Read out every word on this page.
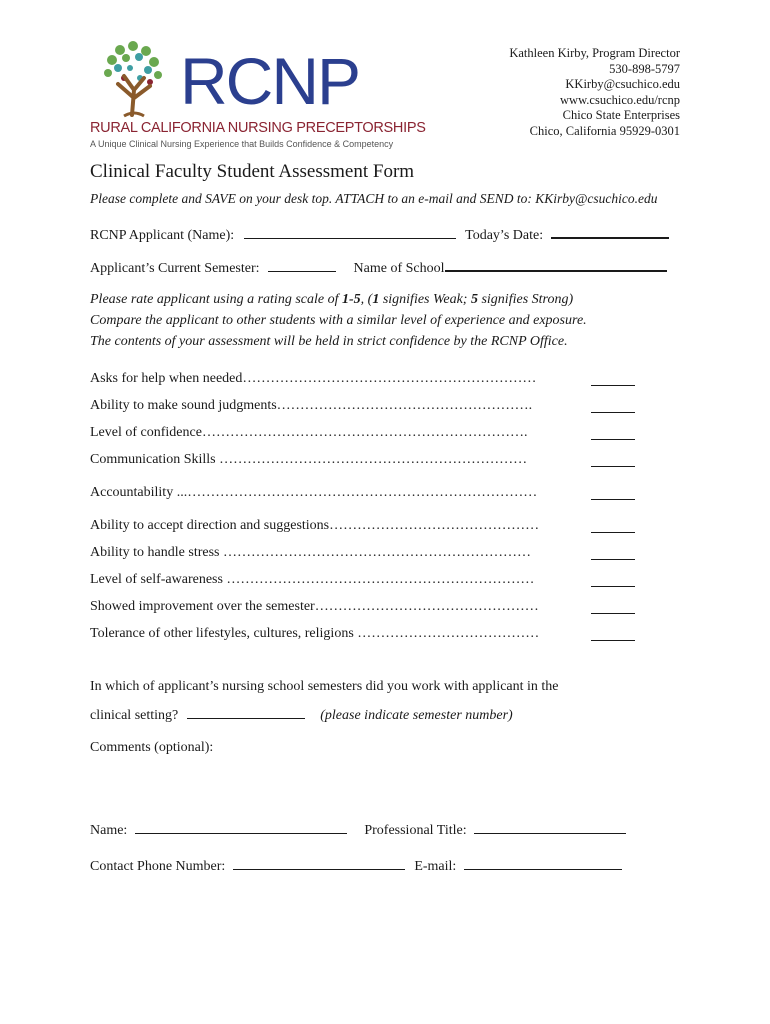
RCNP
RURAL CALIFORNIA NURSING PRECEPTORSHIPS
A Unique Clinical Nursing Experience that Builds Confidence & Competency
Kathleen Kirby, Program Director
530-898-5797
KKirby@csuchico.edu
www.csuchico.edu/rcnp
Chico State Enterprises
Chico, California 95929-0301
Clinical Faculty Student Assessment Form
Please complete and SAVE on your desk top. ATTACH to an e-mail and SEND to: KKirby@csuchico.edu
RCNP Applicant (Name):	Today’s Date:
Applicant’s Current Semester:	Name of School
Please rate applicant using a rating scale of 1-5, (1 signifies Weak; 5 signifies Strong)
Compare the applicant to other students with a similar level of experience and exposure.
The contents of your assessment will be held in strict confidence by the RCNP Office.
Asks for help when needed………………………………………………………
Ability to make sound judgments……………………………………………….
Level of confidence…………………………………………………………….
Communication Skills …………………………………………………………
Accountability ...…………………………………………………………………
Ability to accept direction and suggestions………………………………………
Ability to handle stress …………………………………………………………
Level of self-awareness …………………………………………………………
Showed improvement over the semester…………………………………………
Tolerance of other lifestyles, cultures, religions …………………………………
In which of applicant’s nursing school semesters did you work with applicant in the
clinical setting?	(please indicate semester number)
Comments (optional):
Name:	Professional Title:
Contact Phone Number:	E-mail:
